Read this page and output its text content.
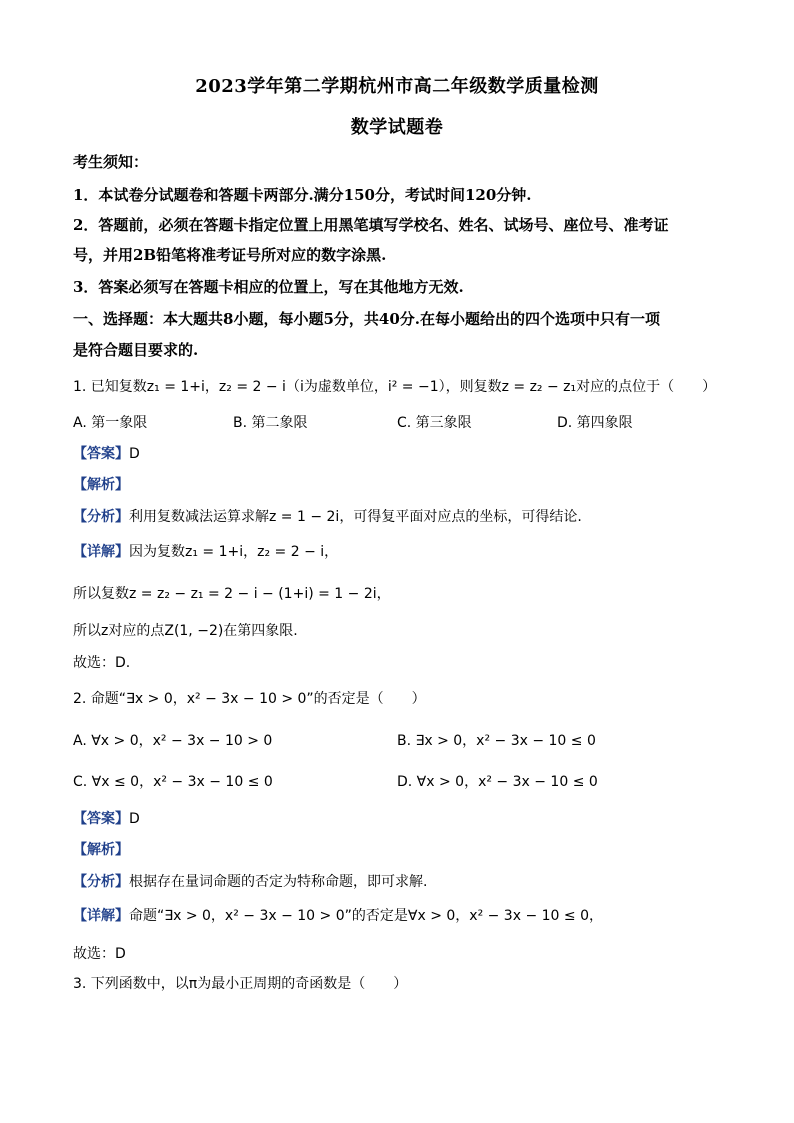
2023学年第二学期杭州市高二年级数学质量检测
数学试题卷
考生须知：
1．本试卷分试题卷和答题卡两部分.满分150分，考试时间120分钟.
2．答题前，必须在答题卡指定位置上用黑笔填写学校名、姓名、试场号、座位号、准考证
号，并用2B铅笔将准考证号所对应的数字涂黑.
3．答案必须写在答题卡相应的位置上，写在其他地方无效.
一、选择题：本大题共8小题，每小题5分，共40分.在每小题给出的四个选项中只有一项
是符合题目要求的.
1. 已知复数z₁ = 1+i，z₂ = 2 − i（i为虚数单位，i² = −1），则复数z = z₂ − z₁对应的点位于（　　）
A. 第一象限	B. 第二象限	C. 第三象限	D. 第四象限
【答案】D
【解析】
【分析】利用复数减法运算求解z = 1 − 2i，可得复平面对应点的坐标，可得结论.
【详解】因为复数z₁ = 1+i，z₂ = 2 − i，
所以复数z = z₂ − z₁ = 2 − i − (1+i) = 1 − 2i，
所以z对应的点Z(1, −2)在第四象限.
故选：D.
2. 命题“∃x > 0，x² − 3x − 10 > 0”的否定是（　　）
A. ∀x > 0，x² − 3x − 10 > 0	B. ∃x > 0，x² − 3x − 10 ≤ 0
C. ∀x ≤ 0，x² − 3x − 10 ≤ 0	D. ∀x > 0，x² − 3x − 10 ≤ 0
【答案】D
【解析】
【分析】根据存在量词命题的否定为特称命题，即可求解.
【详解】命题“∃x > 0，x² − 3x − 10 > 0”的否定是∀x > 0，x² − 3x − 10 ≤ 0，
故选：D
3. 下列函数中，以π为最小正周期的奇函数是（　　）
